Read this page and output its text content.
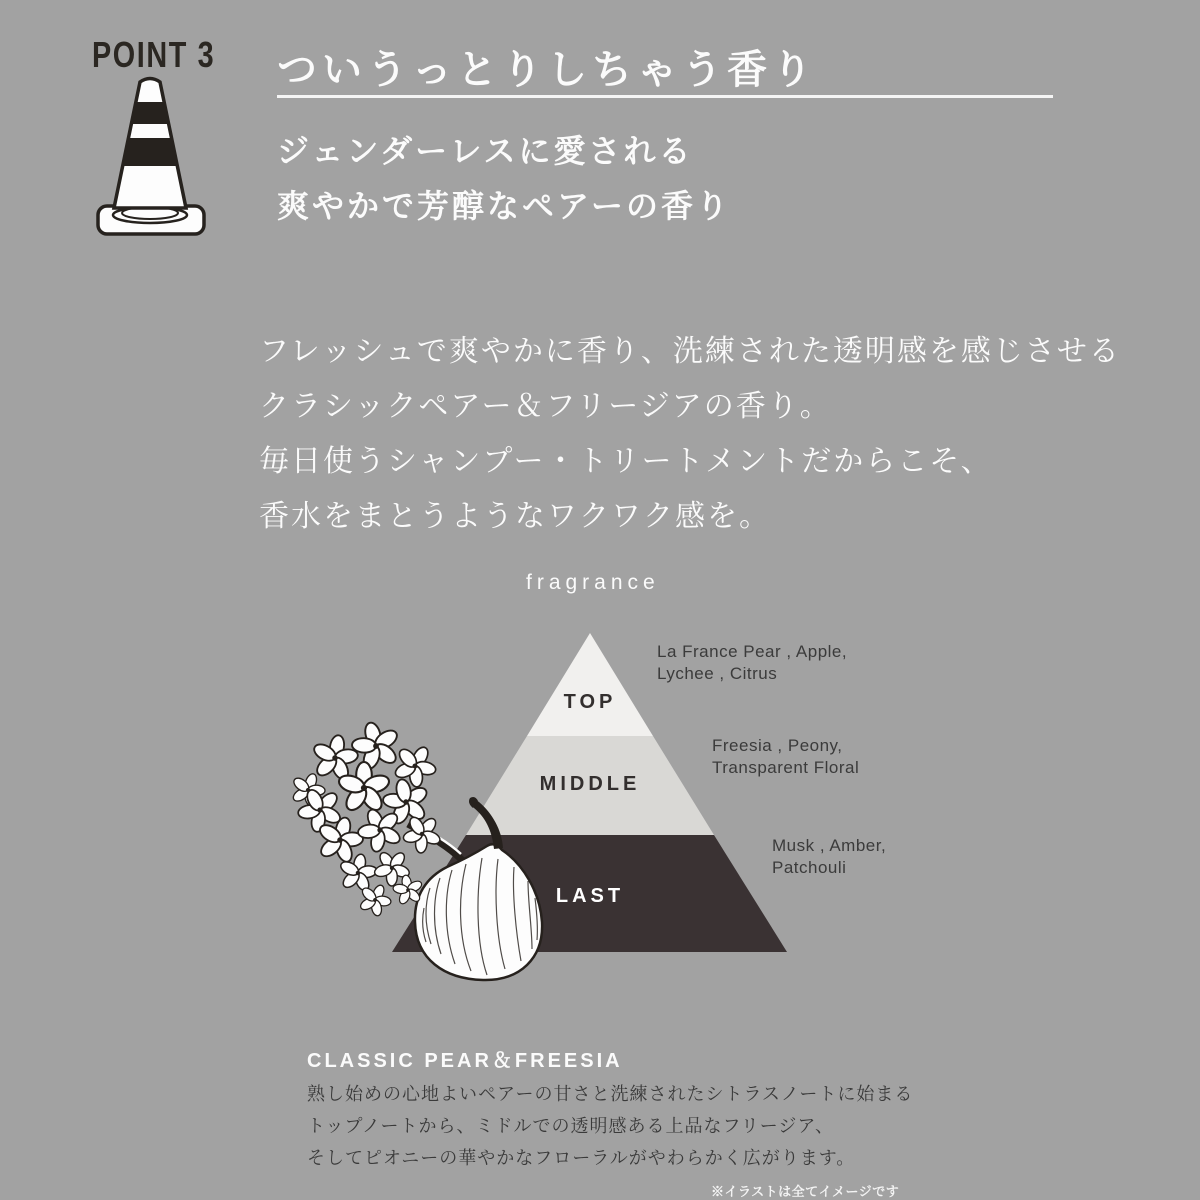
POINT 3 ついうっとりしちゃう香り
ジェンダーレスに愛される
爽やかで芳醇なペアーの香り
フレッシュで爽やかに香り、洗練された透明感を感じさせる
クラシックペアー＆フリージアの香り。
毎日使うシャンプー・トリートメントだからこそ、
香水をまとうようなワクワク感を。
fragrance
TOP
MIDDLE
LAST
La France Pear , Apple,
Lychee , Citrus
Freesia , Peony,
Transparent Floral
Musk , Amber,
Patchouli
CLASSIC PEAR＆FREESIA
熟し始めの心地よいペアーの甘さと洗練されたシトラスノートに始まる
トップノートから、ミドルでの透明感ある上品なフリージア、
そしてピオニーの華やかなフローラルがやわらかく広がります。
※イラストは全てイメージです
